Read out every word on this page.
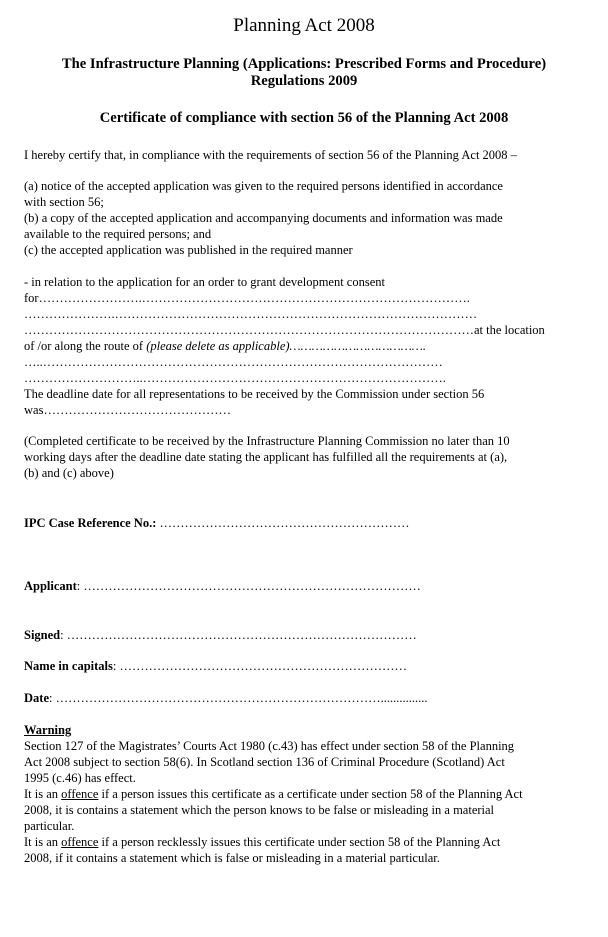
Planning Act 2008
The Infrastructure Planning (Applications: Prescribed Forms and Procedure)
Regulations 2009
Certificate of compliance with section 56 of the Planning Act 2008
I hereby certify that, in compliance with the requirements of section 56 of the Planning Act 2008 –
(a) notice of the accepted application was given to the required persons identified in accordance
with section 56;
(b) a copy of the accepted application and accompanying documents and information was made
available to the required persons; and
(c) the accepted application was published in the required manner
- in relation to the application for an order to grant development consent
for…………………….…………………………………………………………………….
………………….……………………………………………………………………………
………………………………………………………………………………………………at the location
of /or along the route of (please delete as applicable)……………………………….
…..……………………………………………………………………………………
………………………..……………………………………………………………….
The deadline date for all representations to be received by the Commission under section 56
was………………………………………
(Completed certificate to be received by the Infrastructure Planning Commission no later than 10
working days after the deadline date stating the applicant has fulfilled all the requirements at (a),
(b) and (c) above)
IPC Case Reference No.: ……………………………………………………
Applicant: ………………………………………………………………………
Signed: …………………………………………………………………………
Name in capitals: ……………………………………………………………
Date: ……………………………………………………………………...............
Warning
Section 127 of the Magistrates’ Courts Act 1980 (c.43) has effect under section 58 of the Planning
Act 2008 subject to section 58(6). In Scotland section 136 of Criminal Procedure (Scotland) Act
1995 (c.46) has effect.
It is an offence if a person issues this certificate as a certificate under section 58 of the Planning Act
2008, it is contains a statement which the person knows to be false or misleading in a material
particular.
It is an offence if a person recklessly issues this certificate under section 58 of the Planning Act
2008, if it contains a statement which is false or misleading in a material particular.
